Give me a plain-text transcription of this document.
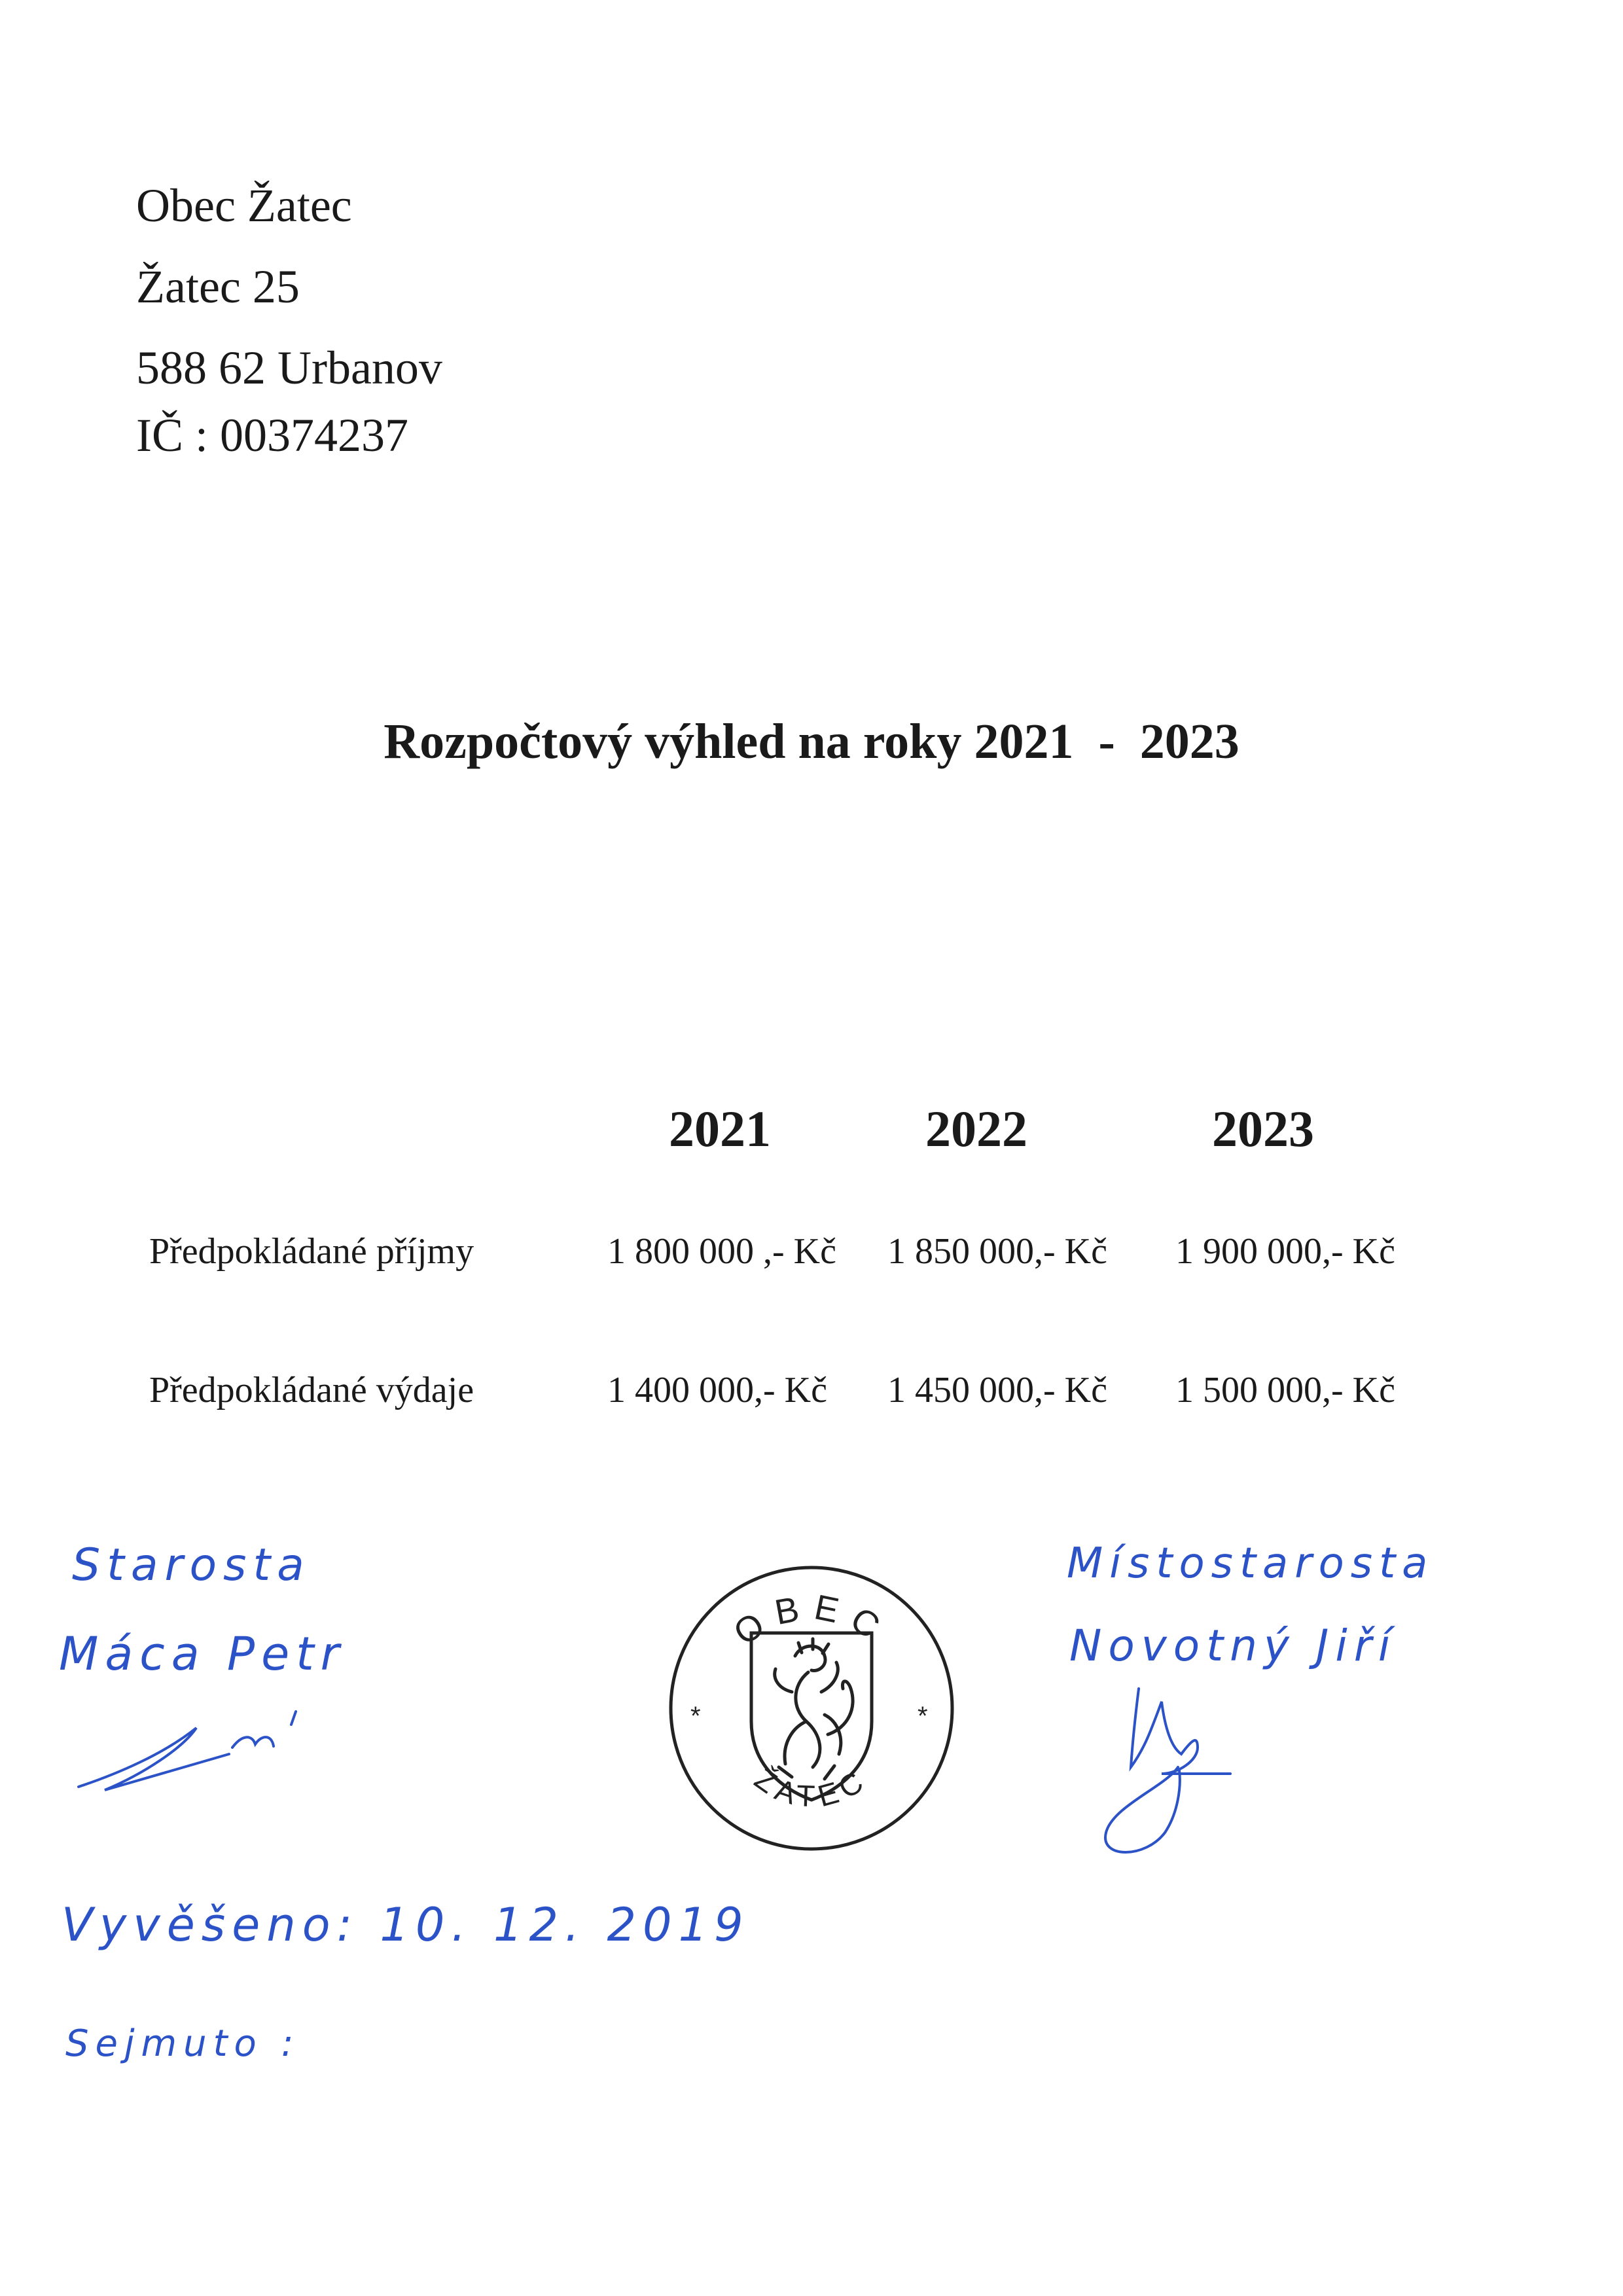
Obec Žatec
Žatec 25
588 62 Urbanov
IČ : 00374237
Rozpočtový výhled na roky 2021  -  2023
2021	2022	2023
Předpokládané příjmy	1 800 000 ,- Kč 1 850 000,- Kč 1 900 000,- Kč
Předpokládané výdaje	1 400 000,- Kč 1 450 000,- Kč 1 500 000,- Kč
Starosta
Máca Petr
Místostarosta
Novotný Jiří
OBEC
ŽATEC
*	*
Vyvěšeno: 10. 12. 2019
Sejmuto :
